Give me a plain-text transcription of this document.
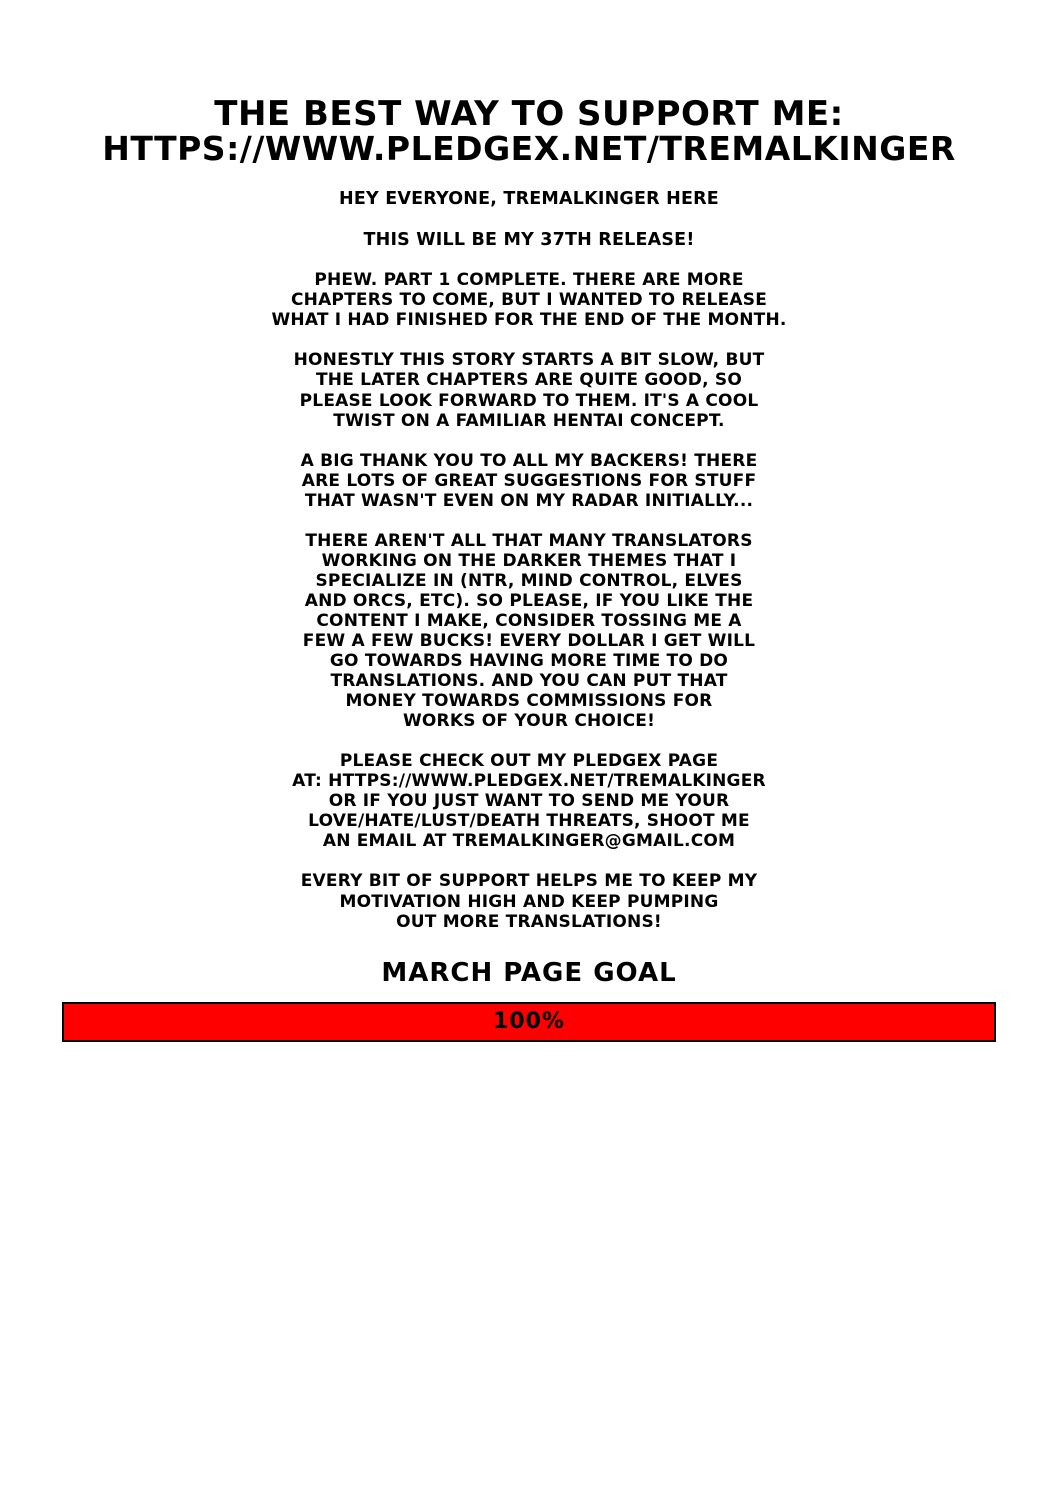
THE BEST WAY TO SUPPORT ME:
HTTPS://WWW.PLEDGEX.NET/TREMALKINGER
HEY EVERYONE, TREMALKINGER HERE
THIS WILL BE MY 37TH RELEASE!
PHEW. PART 1 COMPLETE. THERE ARE MORE
CHAPTERS TO COME, BUT I WANTED TO RELEASE
WHAT I HAD FINISHED FOR THE END OF THE MONTH.
HONESTLY THIS STORY STARTS A BIT SLOW, BUT
THE LATER CHAPTERS ARE QUITE GOOD, SO
PLEASE LOOK FORWARD TO THEM. IT'S A COOL
TWIST ON A FAMILIAR HENTAI CONCEPT.
A BIG THANK YOU TO ALL MY BACKERS! THERE
ARE LOTS OF GREAT SUGGESTIONS FOR STUFF
THAT WASN'T EVEN ON MY RADAR INITIALLY...
THERE AREN'T ALL THAT MANY TRANSLATORS
WORKING ON THE DARKER THEMES THAT I
SPECIALIZE IN (NTR, MIND CONTROL, ELVES
AND ORCS, ETC). SO PLEASE, IF YOU LIKE THE
CONTENT I MAKE, CONSIDER TOSSING ME A
FEW A FEW BUCKS! EVERY DOLLAR I GET WILL
GO TOWARDS HAVING MORE TIME TO DO
TRANSLATIONS. AND YOU CAN PUT THAT
MONEY TOWARDS COMMISSIONS FOR
WORKS OF YOUR CHOICE!
PLEASE CHECK OUT MY PLEDGEX PAGE
AT: HTTPS://WWW.PLEDGEX.NET/TREMALKINGER
OR IF YOU JUST WANT TO SEND ME YOUR
LOVE/HATE/LUST/DEATH THREATS, SHOOT ME
AN EMAIL AT TREMALKINGER@GMAIL.COM
EVERY BIT OF SUPPORT HELPS ME TO KEEP MY
MOTIVATION HIGH AND KEEP PUMPING
OUT MORE TRANSLATIONS!
MARCH PAGE GOAL
100%
